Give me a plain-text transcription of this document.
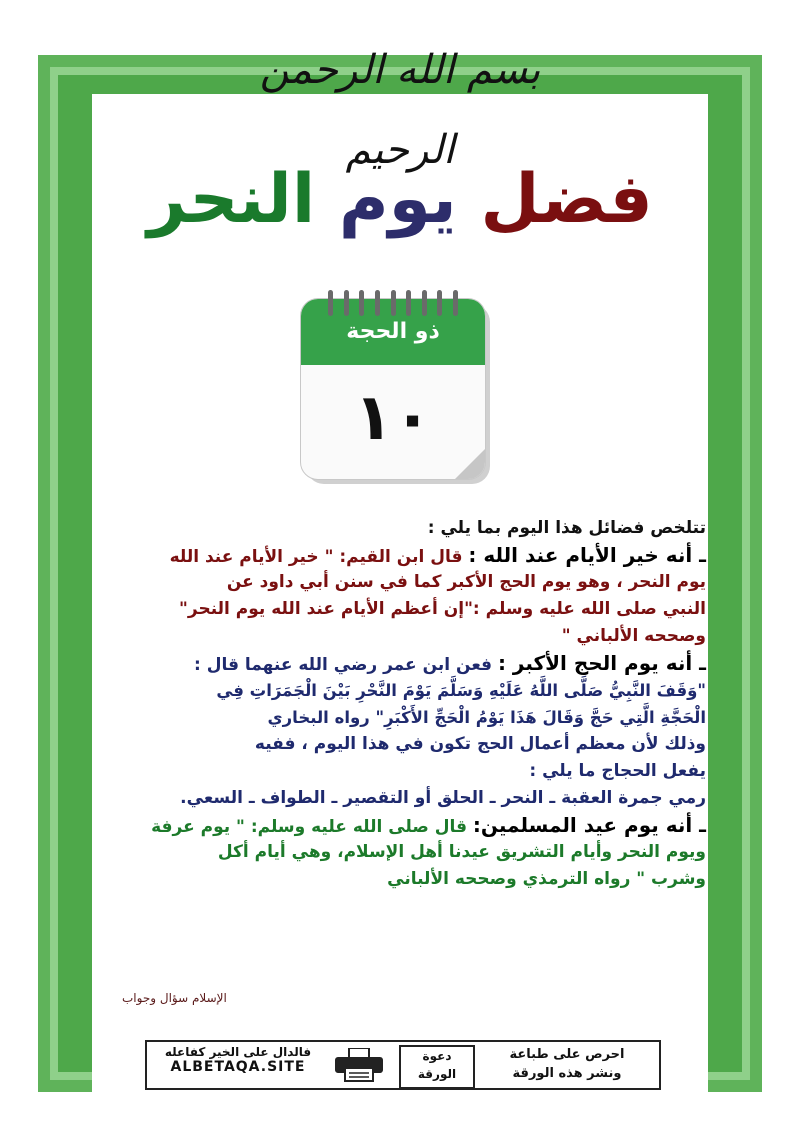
بسم الله الرحمن الرحيم
فضل يوم النحر
ذو الحجة
١٠
تتلخص فضائل هذا اليوم بما يلي :
ـ أنه خير الأيام عند الله : قال ابن القيم: " خير الأيام عند الله
يوم النحر ، وهو يوم الحج الأكبر كما في سنن أبي داود عن
النبي صلى الله عليه وسلم :"إن أعظم الأيام عند الله يوم النحر"
وصححه الألباني "
ـ أنه يوم الحج الأكبر : فعن ابن عمر رضي الله عنهما قال :
"وَقَفَ النَّبِيُّ صَلَّى اللَّهُ عَلَيْهِ وَسَلَّمَ يَوْمَ النَّحْرِ بَيْنَ الْجَمَرَاتِ فِي
الْحَجَّةِ الَّتِي حَجَّ وَقَالَ هَذَا يَوْمُ الْحَجِّ الأَكْبَرِ" رواه البخاري
وذلك لأن معظم أعمال الحج تكون في هذا اليوم ، ففيه
يفعل الحجاج ما يلي :
رمي جمرة العقبة ـ النحر ـ الحلق أو التقصير ـ الطواف ـ السعي.
ـ أنه يوم عيد المسلمين: قال صلى الله عليه وسلم: " يوم عرفة
ويوم النحر وأيام التشريق عيدنا أهل الإسلام، وهي أيام أكل
وشرب " رواه الترمذي وصححه الألباني
الإسلام سؤال وجواب
فالدال على الخير كفاعله
ALBETAQA.SITE
دعوة
الورقة
احرص على طباعة
ونشر هذه الورقة
